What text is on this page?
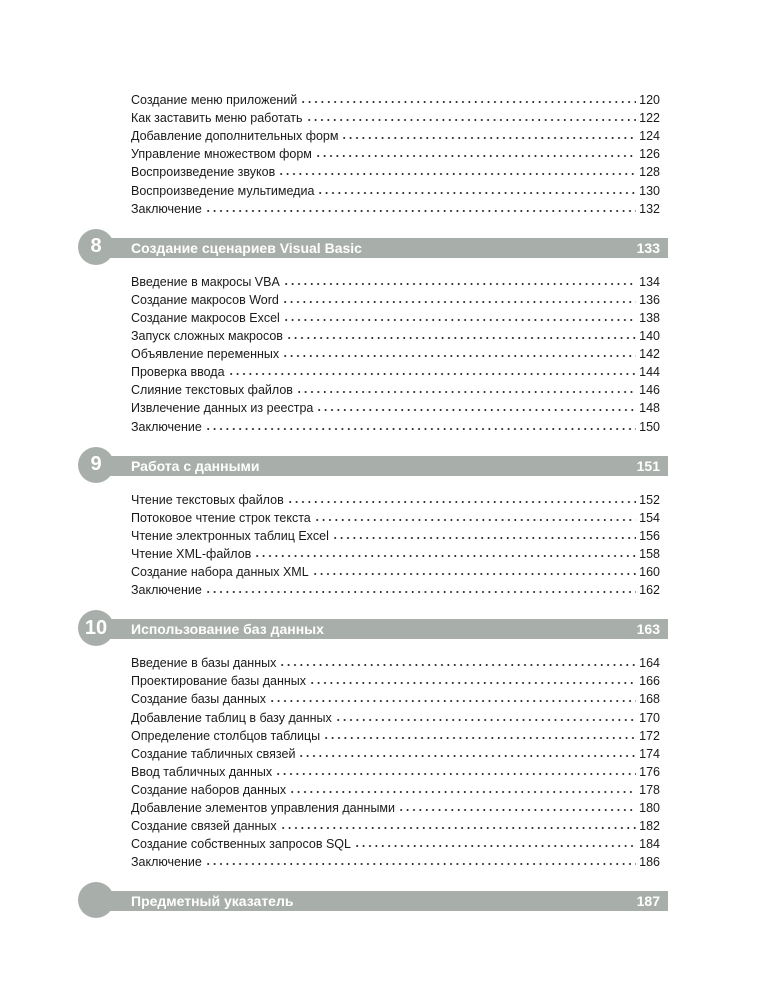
Создание меню приложений	120
Как заставить меню работать	122
Добавление дополнительных форм	124
Управление множеством форм	126
Воспроизведение звуков	128
Воспроизведение мультимедиа	130
Заключение	132
8	Создание сценариев Visual Basic	133
Введение в макросы VBA	134
Создание макросов Word	136
Создание макросов Excel	138
Запуск сложных макросов	140
Объявление переменных	142
Проверка ввода	144
Слияние текстовых файлов	146
Извлечение данных из реестра	148
Заключение	150
9	Работа с данными	151
Чтение текстовых файлов	152
Потоковое чтение строк текста	154
Чтение электронных таблиц Excel	156
Чтение XML-файлов	158
Создание набора данных XML	160
Заключение	162
10	Использование баз данных	163
Введение в базы данных	164
Проектирование базы данных	166
Создание базы данных	168
Добавление таблиц в базу данных	170
Определение столбцов таблицы	172
Создание табличных связей	174
Ввод табличных данных	176
Создание наборов данных	178
Добавление элементов управления данными	180
Создание связей данных	182
Создание собственных запросов SQL	184
Заключение	186
Предметный указатель	187
